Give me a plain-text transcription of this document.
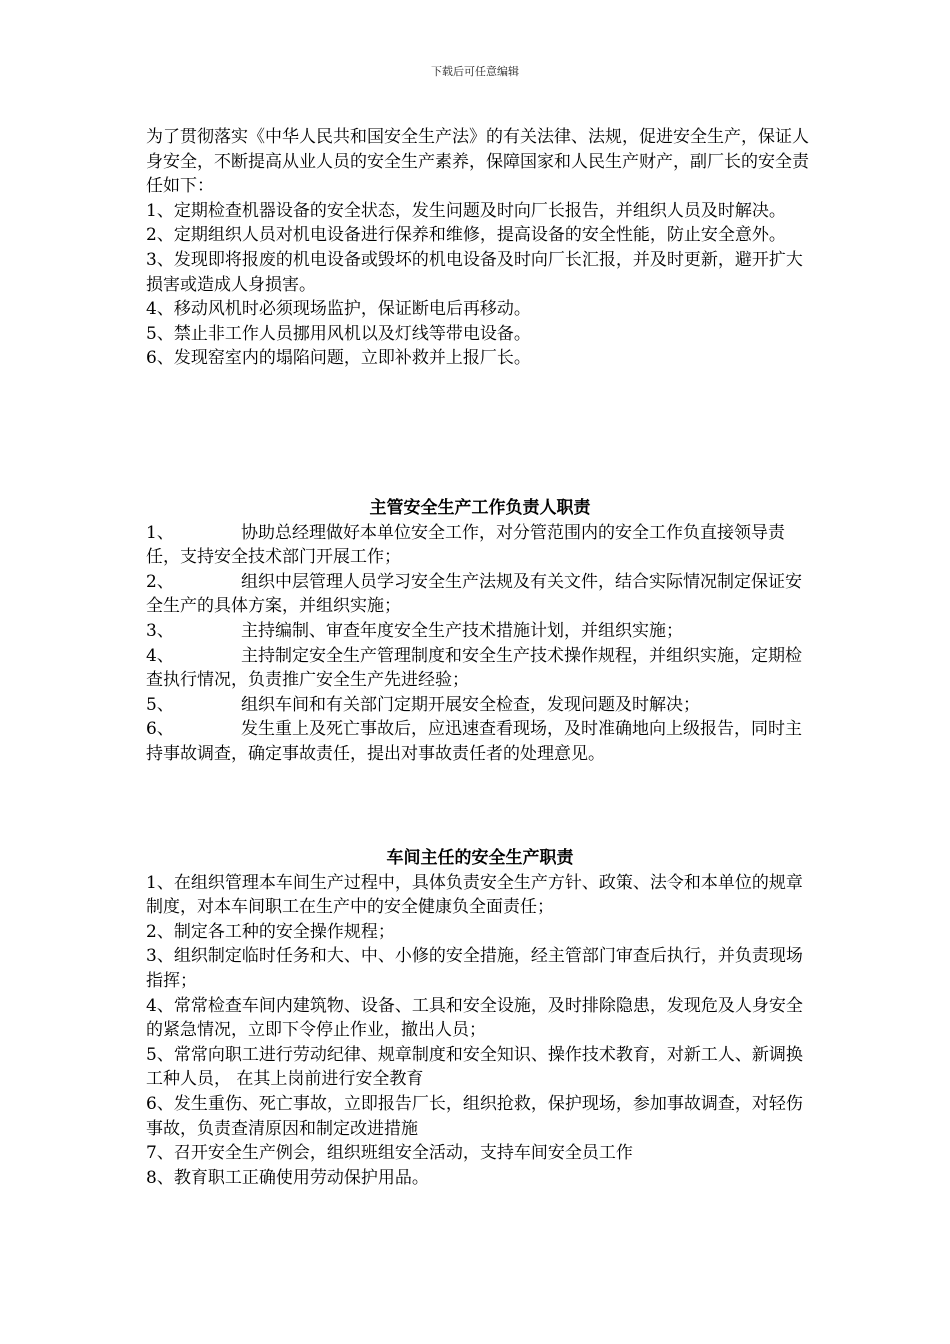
下载后可任意编辑

为了贯彻落实《中华人民共和国安全生产法》的有关法律、法规，促进安全生产，保证人身安全，不断提高从业人员的安全生产素养，保障国家和人民生产财产，副厂长的安全责任如下：

1、定期检查机器设备的安全状态，发生问题及时向厂长报告，并组织人员及时解决。

2、定期组织人员对机电设备进行保养和维修，提高设备的安全性能，防止安全意外。

3、发现即将报废的机电设备或毁坏的机电设备及时向厂长汇报，并及时更新，避开扩大损害或造成人身损害。

4、移动风机时必须现场监护，保证断电后再移动。

5、禁止非工作人员挪用风机以及灯线等带电设备。

6、发现窑室内的塌陷问题，立即补救并上报厂长。

主管安全生产工作负责人职责

1、	协助总经理做好本单位安全工作，对分管范围内的安全工作负直接领导责任，支持安全技术部门开展工作；

2、	组织中层管理人员学习安全生产法规及有关文件，结合实际情况制定保证安全生产的具体方案，并组织实施；

3、	主持编制、审查年度安全生产技术措施计划，并组织实施；

4、	主持制定安全生产管理制度和安全生产技术操作规程，并组织实施，定期检查执行情况，负责推广安全生产先进经验；

5、	组织车间和有关部门定期开展安全检查，发现问题及时解决；

6、	发生重上及死亡事故后，应迅速查看现场，及时准确地向上级报告，同时主持事故调查，确定事故责任，提出对事故责任者的处理意见。

车间主任的安全生产职责

1、在组织管理本车间生产过程中，具体负责安全生产方针、政策、法令和本单位的规章制度，对本车间职工在生产中的安全健康负全面责任；

2、制定各工种的安全操作规程；

3、组织制定临时任务和大、中、小修的安全措施，经主管部门审查后执行，并负责现场指挥；

4、常常检查车间内建筑物、设备、工具和安全设施，及时排除隐患，发现危及人身安全的紧急情况，立即下令停止作业，撤出人员；

5、常常向职工进行劳动纪律、规章制度和安全知识、操作技术教育，对新工人、新调换工种人员， 在其上岗前进行安全教育

6、发生重伤、死亡事故，立即报告厂长，组织抢救，保护现场，参加事故调查，对轻伤事故，负责查清原因和制定改进措施

7、召开安全生产例会，组织班组安全活动，支持车间安全员工作

8、教育职工正确使用劳动保护用品。
